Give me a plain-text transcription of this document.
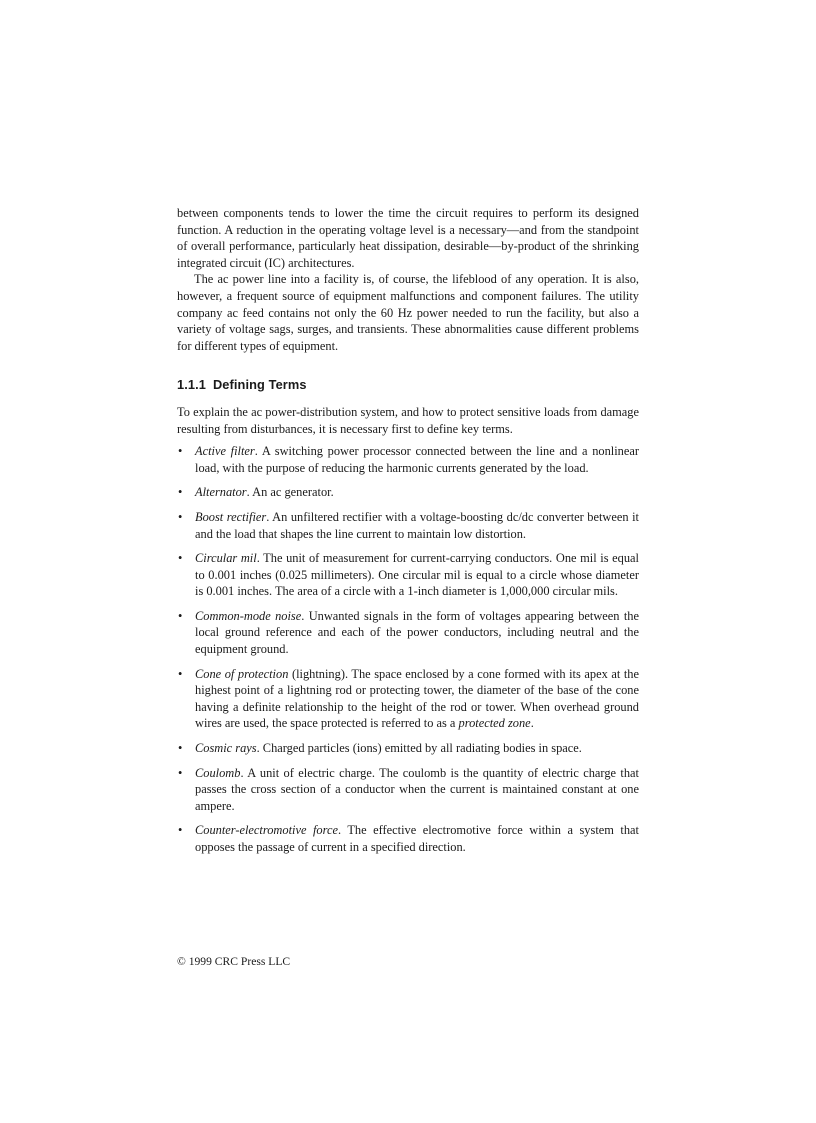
between components tends to lower the time the circuit requires to perform its designed function. A reduction in the operating voltage level is a necessary—and from the standpoint of overall performance, particularly heat dissipation, desirable—by-product of the shrinking integrated circuit (IC) architectures.

The ac power line into a facility is, of course, the lifeblood of any operation. It is also, however, a frequent source of equipment malfunctions and component failures. The utility company ac feed contains not only the 60 Hz power needed to run the facility, but also a variety of voltage sags, surges, and transients. These abnormalities cause different problems for different types of equipment.

1.1.1 Defining Terms

To explain the ac power-distribution system, and how to protect sensitive loads from damage resulting from disturbances, it is necessary first to define key terms.

• Active filter. A switching power processor connected between the line and a nonlinear load, with the purpose of reducing the harmonic currents generated by the load.
• Alternator. An ac generator.
• Boost rectifier. An unfiltered rectifier with a voltage-boosting dc/dc converter between it and the load that shapes the line current to maintain low distortion.
• Circular mil. The unit of measurement for current-carrying conductors. One mil is equal to 0.001 inches (0.025 millimeters). One circular mil is equal to a circle whose diameter is 0.001 inches. The area of a circle with a 1-inch diameter is 1,000,000 circular mils.
• Common-mode noise. Unwanted signals in the form of voltages appearing between the local ground reference and each of the power conductors, including neutral and the equipment ground.
• Cone of protection (lightning). The space enclosed by a cone formed with its apex at the highest point of a lightning rod or protecting tower, the diameter of the base of the cone having a definite relationship to the height of the rod or tower. When overhead ground wires are used, the space protected is referred to as a protected zone.
• Cosmic rays. Charged particles (ions) emitted by all radiating bodies in space.
• Coulomb. A unit of electric charge. The coulomb is the quantity of electric charge that passes the cross section of a conductor when the current is maintained constant at one ampere.
• Counter-electromotive force. The effective electromotive force within a system that opposes the passage of current in a specified direction.
© 1999 CRC Press LLC
